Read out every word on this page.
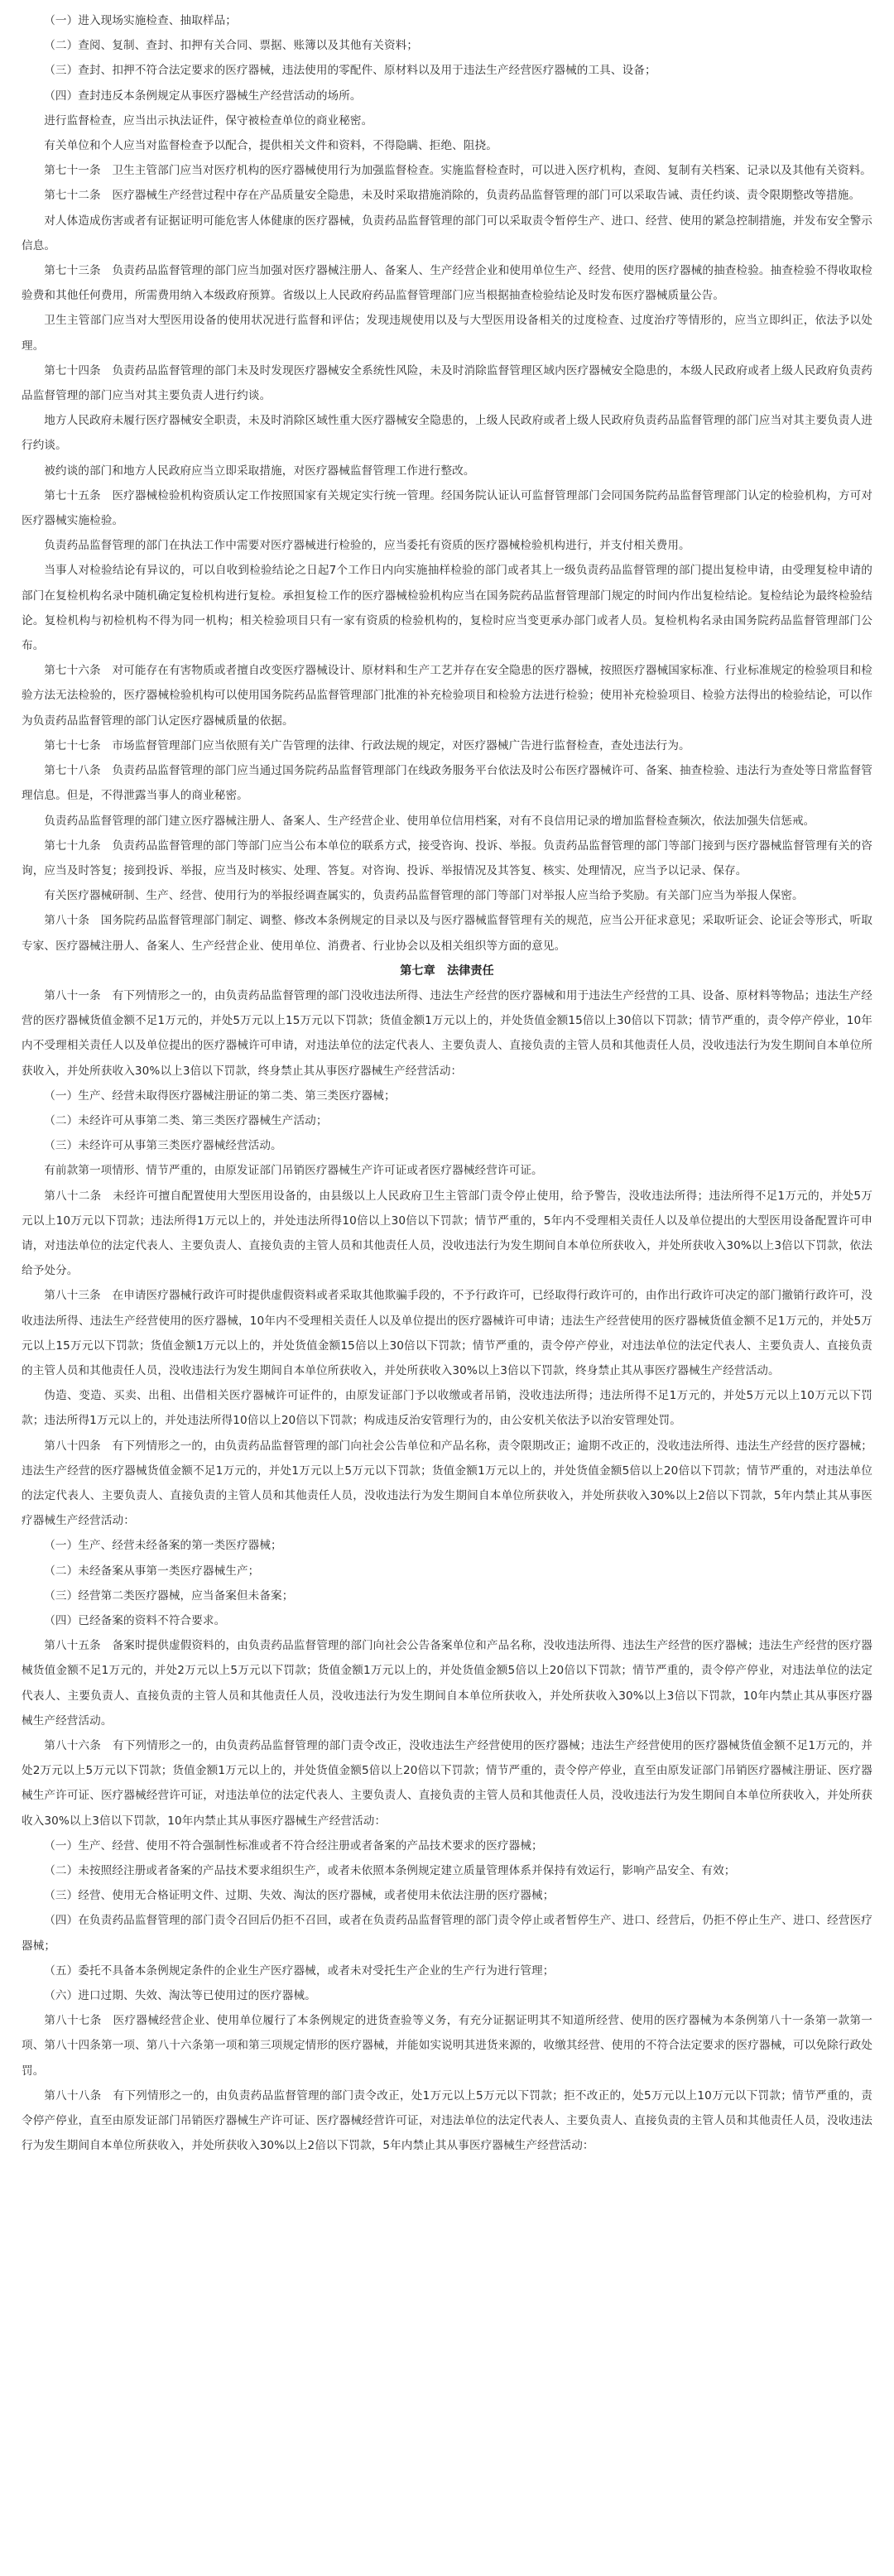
（一）进入现场实施检查、抽取样品；

（二）查阅、复制、查封、扣押有关合同、票据、账簿以及其他有关资料；

（三）查封、扣押不符合法定要求的医疗器械，违法使用的零配件、原材料以及用于违法生产经营医疗器械的工具、设备；

（四）查封违反本条例规定从事医疗器械生产经营活动的场所。

进行监督检查，应当出示执法证件，保守被检查单位的商业秘密。

有关单位和个人应当对监督检查予以配合，提供相关文件和资料，不得隐瞒、拒绝、阻挠。

第七十一条　卫生主管部门应当对医疗机构的医疗器械使用行为加强监督检查。实施监督检查时，可以进入医疗机构，查阅、复制有关档案、记录以及其他有关资料。

第七十二条　医疗器械生产经营过程中存在产品质量安全隐患，未及时采取措施消除的，负责药品监督管理的部门可以采取告诫、责任约谈、责令限期整改等措施。

对人体造成伤害或者有证据证明可能危害人体健康的医疗器械，负责药品监督管理的部门可以采取责令暂停生产、进口、经营、使用的紧急控制措施，并发布安全警示信息。

第七十三条　负责药品监督管理的部门应当加强对医疗器械注册人、备案人、生产经营企业和使用单位生产、经营、使用的医疗器械的抽查检验。抽查检验不得收取检验费和其他任何费用，所需费用纳入本级政府预算。省级以上人民政府药品监督管理部门应当根据抽查检验结论及时发布医疗器械质量公告。

卫生主管部门应当对大型医用设备的使用状况进行监督和评估；发现违规使用以及与大型医用设备相关的过度检查、过度治疗等情形的，应当立即纠正，依法予以处理。

第七十四条　负责药品监督管理的部门未及时发现医疗器械安全系统性风险，未及时消除监督管理区域内医疗器械安全隐患的，本级人民政府或者上级人民政府负责药品监督管理的部门应当对其主要负责人进行约谈。

地方人民政府未履行医疗器械安全职责，未及时消除区域性重大医疗器械安全隐患的，上级人民政府或者上级人民政府负责药品监督管理的部门应当对其主要负责人进行约谈。

被约谈的部门和地方人民政府应当立即采取措施，对医疗器械监督管理工作进行整改。

第七十五条　医疗器械检验机构资质认定工作按照国家有关规定实行统一管理。经国务院认证认可监督管理部门会同国务院药品监督管理部门认定的检验机构，方可对医疗器械实施检验。

负责药品监督管理的部门在执法工作中需要对医疗器械进行检验的，应当委托有资质的医疗器械检验机构进行，并支付相关费用。

当事人对检验结论有异议的，可以自收到检验结论之日起7个工作日内向实施抽样检验的部门或者其上一级负责药品监督管理的部门提出复检申请，由受理复检申请的部门在复检机构名录中随机确定复检机构进行复检。承担复检工作的医疗器械检验机构应当在国务院药品监督管理部门规定的时间内作出复检结论。复检结论为最终检验结论。复检机构与初检机构不得为同一机构；相关检验项目只有一家有资质的检验机构的，复检时应当变更承办部门或者人员。复检机构名录由国务院药品监督管理部门公布。

第七十六条　对可能存在有害物质或者擅自改变医疗器械设计、原材料和生产工艺并存在安全隐患的医疗器械，按照医疗器械国家标准、行业标准规定的检验项目和检验方法无法检验的，医疗器械检验机构可以使用国务院药品监督管理部门批准的补充检验项目和检验方法进行检验；使用补充检验项目、检验方法得出的检验结论，可以作为负责药品监督管理的部门认定医疗器械质量的依据。

第七十七条　市场监督管理部门应当依照有关广告管理的法律、行政法规的规定，对医疗器械广告进行监督检查，查处违法行为。

第七十八条　负责药品监督管理的部门应当通过国务院药品监督管理部门在线政务服务平台依法及时公布医疗器械许可、备案、抽查检验、违法行为查处等日常监督管理信息。但是，不得泄露当事人的商业秘密。

负责药品监督管理的部门建立医疗器械注册人、备案人、生产经营企业、使用单位信用档案，对有不良信用记录的增加监督检查频次，依法加强失信惩戒。

第七十九条　负责药品监督管理的部门等部门应当公布本单位的联系方式，接受咨询、投诉、举报。负责药品监督管理的部门等部门接到与医疗器械监督管理有关的咨询，应当及时答复；接到投诉、举报，应当及时核实、处理、答复。对咨询、投诉、举报情况及其答复、核实、处理情况，应当予以记录、保存。

有关医疗器械研制、生产、经营、使用行为的举报经调查属实的，负责药品监督管理的部门等部门对举报人应当给予奖励。有关部门应当为举报人保密。

第八十条　国务院药品监督管理部门制定、调整、修改本条例规定的目录以及与医疗器械监督管理有关的规范，应当公开征求意见；采取听证会、论证会等形式，听取专家、医疗器械注册人、备案人、生产经营企业、使用单位、消费者、行业协会以及相关组织等方面的意见。

第七章　法律责任

第八十一条　有下列情形之一的，由负责药品监督管理的部门没收违法所得、违法生产经营的医疗器械和用于违法生产经营的工具、设备、原材料等物品；违法生产经营的医疗器械货值金额不足1万元的，并处5万元以上15万元以下罚款；货值金额1万元以上的，并处货值金额15倍以上30倍以下罚款；情节严重的，责令停产停业，10年内不受理相关责任人以及单位提出的医疗器械许可申请，对违法单位的法定代表人、主要负责人、直接负责的主管人员和其他责任人员，没收违法行为发生期间自本单位所获收入，并处所获收入30%以上3倍以下罚款，终身禁止其从事医疗器械生产经营活动：

（一）生产、经营未取得医疗器械注册证的第二类、第三类医疗器械；

（二）未经许可从事第二类、第三类医疗器械生产活动；

（三）未经许可从事第三类医疗器械经营活动。

有前款第一项情形、情节严重的，由原发证部门吊销医疗器械生产许可证或者医疗器械经营许可证。

第八十二条　未经许可擅自配置使用大型医用设备的，由县级以上人民政府卫生主管部门责令停止使用，给予警告，没收违法所得；违法所得不足1万元的，并处5万元以上10万元以下罚款；违法所得1万元以上的，并处违法所得10倍以上30倍以下罚款；情节严重的，5年内不受理相关责任人以及单位提出的大型医用设备配置许可申请，对违法单位的法定代表人、主要负责人、直接负责的主管人员和其他责任人员，没收违法行为发生期间自本单位所获收入，并处所获收入30%以上3倍以下罚款，依法给予处分。

第八十三条　在申请医疗器械行政许可时提供虚假资料或者采取其他欺骗手段的，不予行政许可，已经取得行政许可的，由作出行政许可决定的部门撤销行政许可，没收违法所得、违法生产经营使用的医疗器械，10年内不受理相关责任人以及单位提出的医疗器械许可申请；违法生产经营使用的医疗器械货值金额不足1万元的，并处5万元以上15万元以下罚款；货值金额1万元以上的，并处货值金额15倍以上30倍以下罚款；情节严重的，责令停产停业，对违法单位的法定代表人、主要负责人、直接负责的主管人员和其他责任人员，没收违法行为发生期间自本单位所获收入，并处所获收入30%以上3倍以下罚款，终身禁止其从事医疗器械生产经营活动。

伪造、变造、买卖、出租、出借相关医疗器械许可证件的，由原发证部门予以收缴或者吊销，没收违法所得；违法所得不足1万元的，并处5万元以上10万元以下罚款；违法所得1万元以上的，并处违法所得10倍以上20倍以下罚款；构成违反治安管理行为的，由公安机关依法予以治安管理处罚。

第八十四条　有下列情形之一的，由负责药品监督管理的部门向社会公告单位和产品名称，责令限期改正；逾期不改正的，没收违法所得、违法生产经营的医疗器械；违法生产经营的医疗器械货值金额不足1万元的，并处1万元以上5万元以下罚款；货值金额1万元以上的，并处货值金额5倍以上20倍以下罚款；情节严重的，对违法单位的法定代表人、主要负责人、直接负责的主管人员和其他责任人员，没收违法行为发生期间自本单位所获收入，并处所获收入30%以上2倍以下罚款，5年内禁止其从事医疗器械生产经营活动：

（一）生产、经营未经备案的第一类医疗器械；

（二）未经备案从事第一类医疗器械生产；

（三）经营第二类医疗器械，应当备案但未备案；

（四）已经备案的资料不符合要求。

第八十五条　备案时提供虚假资料的，由负责药品监督管理的部门向社会公告备案单位和产品名称，没收违法所得、违法生产经营的医疗器械；违法生产经营的医疗器械货值金额不足1万元的，并处2万元以上5万元以下罚款；货值金额1万元以上的，并处货值金额5倍以上20倍以下罚款；情节严重的，责令停产停业，对违法单位的法定代表人、主要负责人、直接负责的主管人员和其他责任人员，没收违法行为发生期间自本单位所获收入，并处所获收入30%以上3倍以下罚款，10年内禁止其从事医疗器械生产经营活动。

第八十六条　有下列情形之一的，由负责药品监督管理的部门责令改正，没收违法生产经营使用的医疗器械；违法生产经营使用的医疗器械货值金额不足1万元的，并处2万元以上5万元以下罚款；货值金额1万元以上的，并处货值金额5倍以上20倍以下罚款；情节严重的，责令停产停业，直至由原发证部门吊销医疗器械注册证、医疗器械生产许可证、医疗器械经营许可证，对违法单位的法定代表人、主要负责人、直接负责的主管人员和其他责任人员，没收违法行为发生期间自本单位所获收入，并处所获收入30%以上3倍以下罚款，10年内禁止其从事医疗器械生产经营活动：

（一）生产、经营、使用不符合强制性标准或者不符合经注册或者备案的产品技术要求的医疗器械；

（二）未按照经注册或者备案的产品技术要求组织生产，或者未依照本条例规定建立质量管理体系并保持有效运行，影响产品安全、有效；

（三）经营、使用无合格证明文件、过期、失效、淘汰的医疗器械，或者使用未依法注册的医疗器械；

（四）在负责药品监督管理的部门责令召回后仍拒不召回，或者在负责药品监督管理的部门责令停止或者暂停生产、进口、经营后，仍拒不停止生产、进口、经营医疗器械；

（五）委托不具备本条例规定条件的企业生产医疗器械，或者未对受托生产企业的生产行为进行管理；

（六）进口过期、失效、淘汰等已使用过的医疗器械。

第八十七条　医疗器械经营企业、使用单位履行了本条例规定的进货查验等义务，有充分证据证明其不知道所经营、使用的医疗器械为本条例第八十一条第一款第一项、第八十四条第一项、第八十六条第一项和第三项规定情形的医疗器械，并能如实说明其进货来源的，收缴其经营、使用的不符合法定要求的医疗器械，可以免除行政处罚。

第八十八条　有下列情形之一的，由负责药品监督管理的部门责令改正，处1万元以上5万元以下罚款；拒不改正的，处5万元以上10万元以下罚款；情节严重的，责令停产停业，直至由原发证部门吊销医疗器械生产许可证、医疗器械经营许可证，对违法单位的法定代表人、主要负责人、直接负责的主管人员和其他责任人员，没收违法行为发生期间自本单位所获收入，并处所获收入30%以上2倍以下罚款，5年内禁止其从事医疗器械生产经营活动：
